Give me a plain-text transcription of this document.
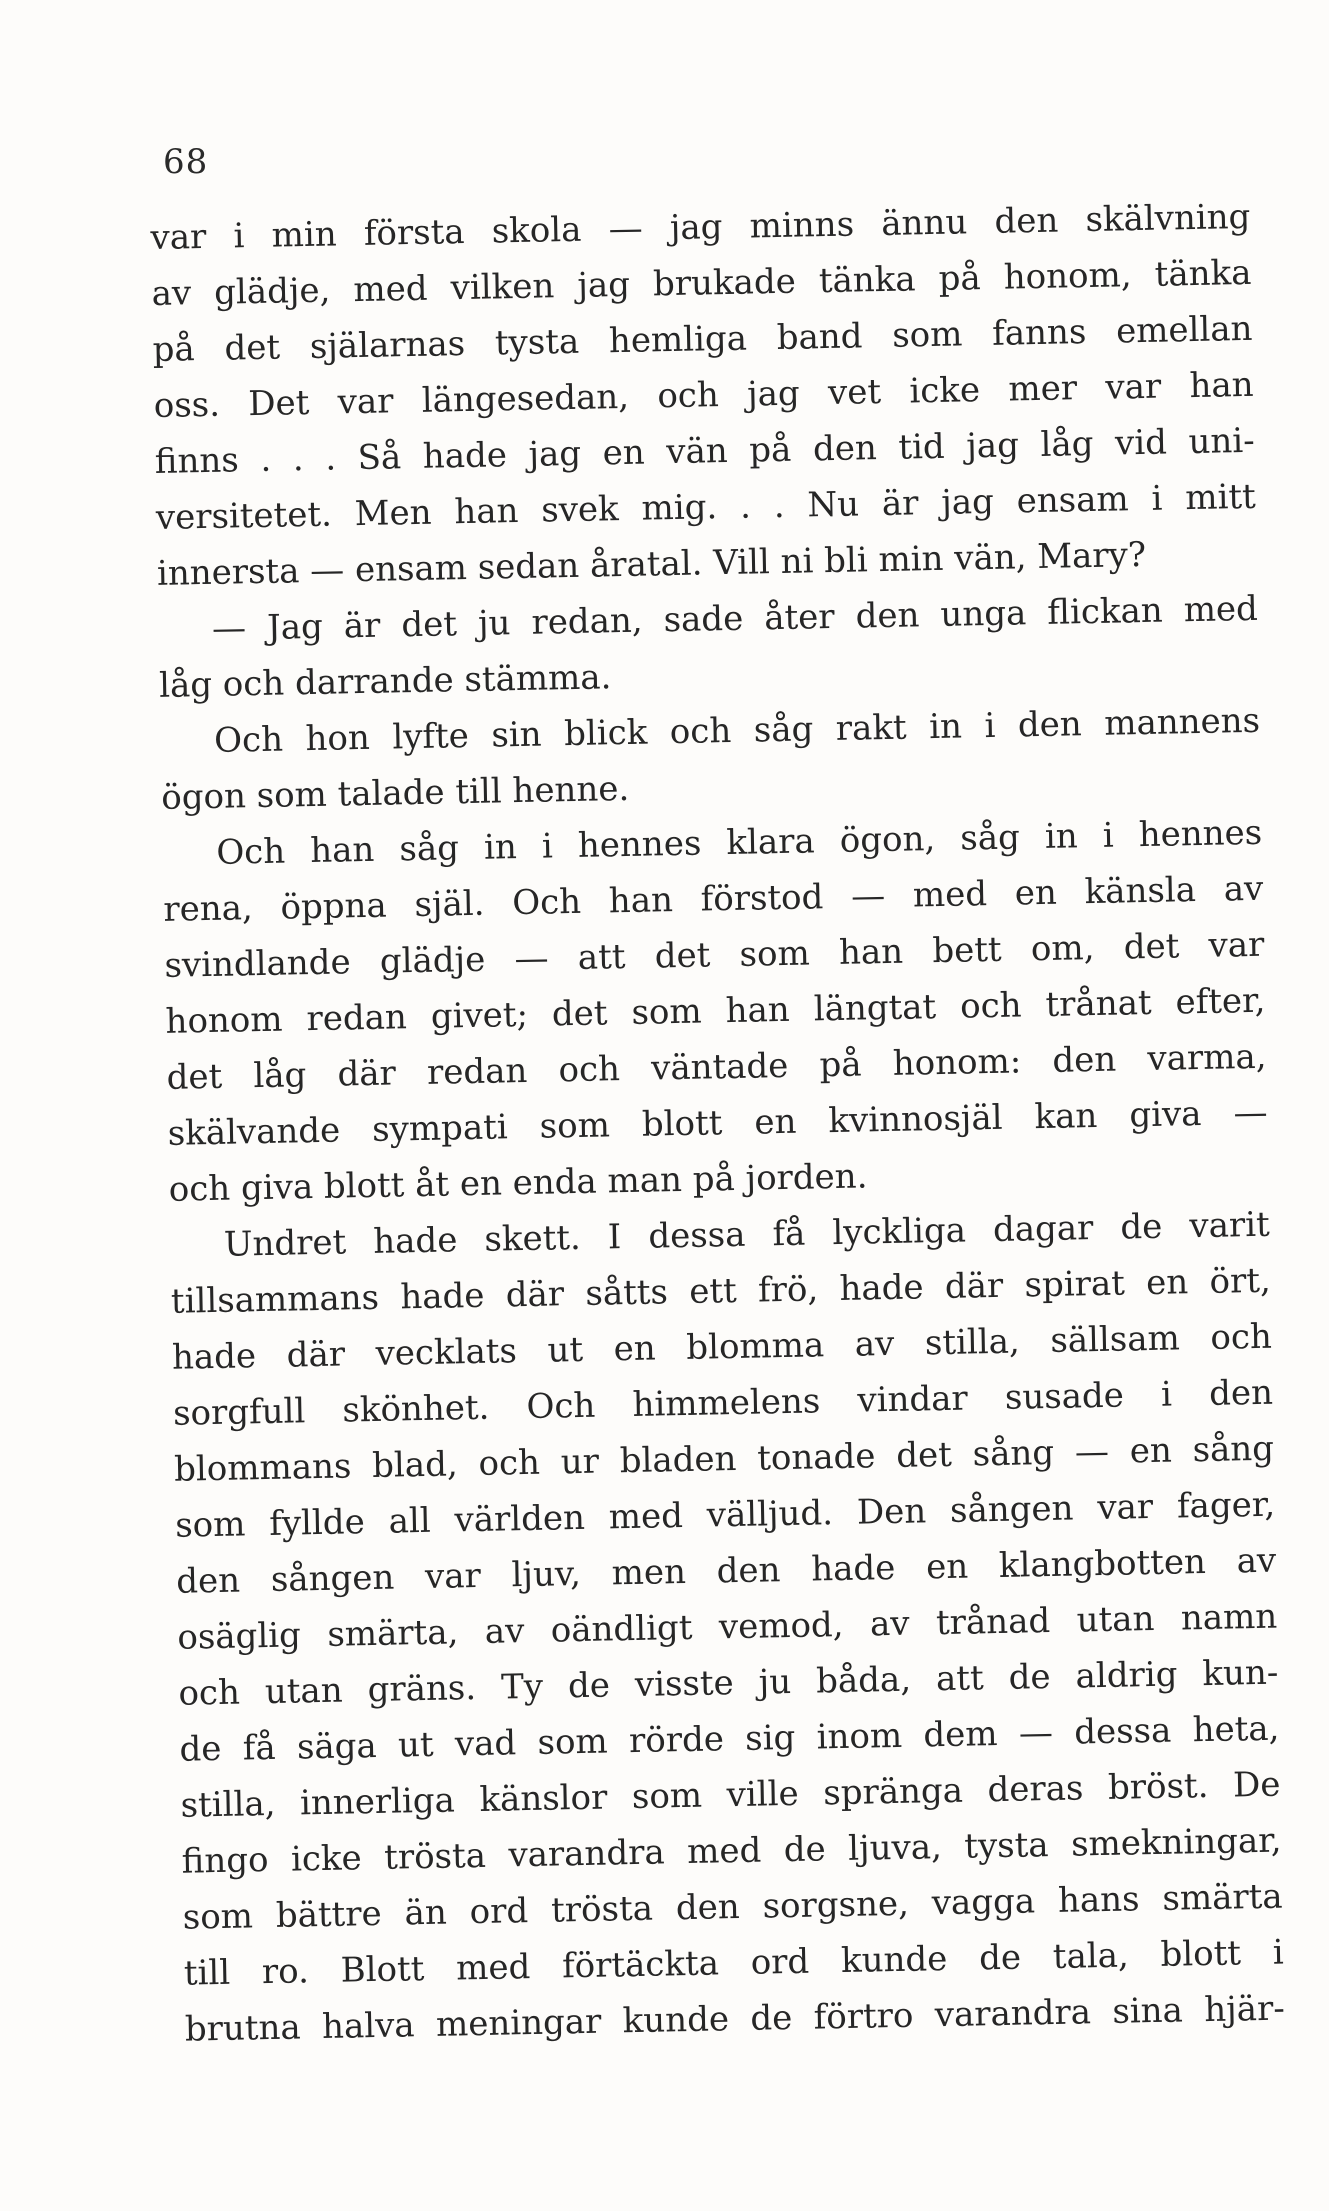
68
var i min första skola — jag minns ännu den skälvning
av glädje, med vilken jag brukade tänka på honom, tänka
på det själarnas tysta hemliga band som fanns emellan
oss. Det var längesedan, och jag vet icke mer var han
finns . . . Så hade jag en vän på den tid jag låg vid uni-
versitetet. Men han svek mig. . . Nu är jag ensam i mitt
innersta — ensam sedan åratal. Vill ni bli min vän, Mary?
— Jag är det ju redan, sade åter den unga flickan med
låg och darrande stämma.
Och hon lyfte sin blick och såg rakt in i den mannens
ögon som talade till henne.
Och han såg in i hennes klara ögon, såg in i hennes
rena, öppna själ. Och han förstod — med en känsla av
svindlande glädje — att det som han bett om, det var
honom redan givet; det som han längtat och trånat efter,
det låg där redan och väntade på honom: den varma,
skälvande sympati som blott en kvinnosjäl kan giva —
och giva blott åt en enda man på jorden.
Undret hade skett. I dessa få lyckliga dagar de varit
tillsammans hade där såtts ett frö, hade där spirat en ört,
hade där vecklats ut en blomma av stilla, sällsam och
sorgfull skönhet. Och himmelens vindar susade i den
blommans blad, och ur bladen tonade det sång — en sång
som fyllde all världen med välljud. Den sången var fager,
den sången var ljuv, men den hade en klangbotten av
osäglig smärta, av oändligt vemod, av trånad utan namn
och utan gräns. Ty de visste ju båda, att de aldrig kun-
de få säga ut vad som rörde sig inom dem — dessa heta,
stilla, innerliga känslor som ville spränga deras bröst. De
fingo icke trösta varandra med de ljuva, tysta smekningar,
som bättre än ord trösta den sorgsne, vagga hans smärta
till ro. Blott med förtäckta ord kunde de tala, blott i
brutna halva meningar kunde de förtro varandra sina hjär-
